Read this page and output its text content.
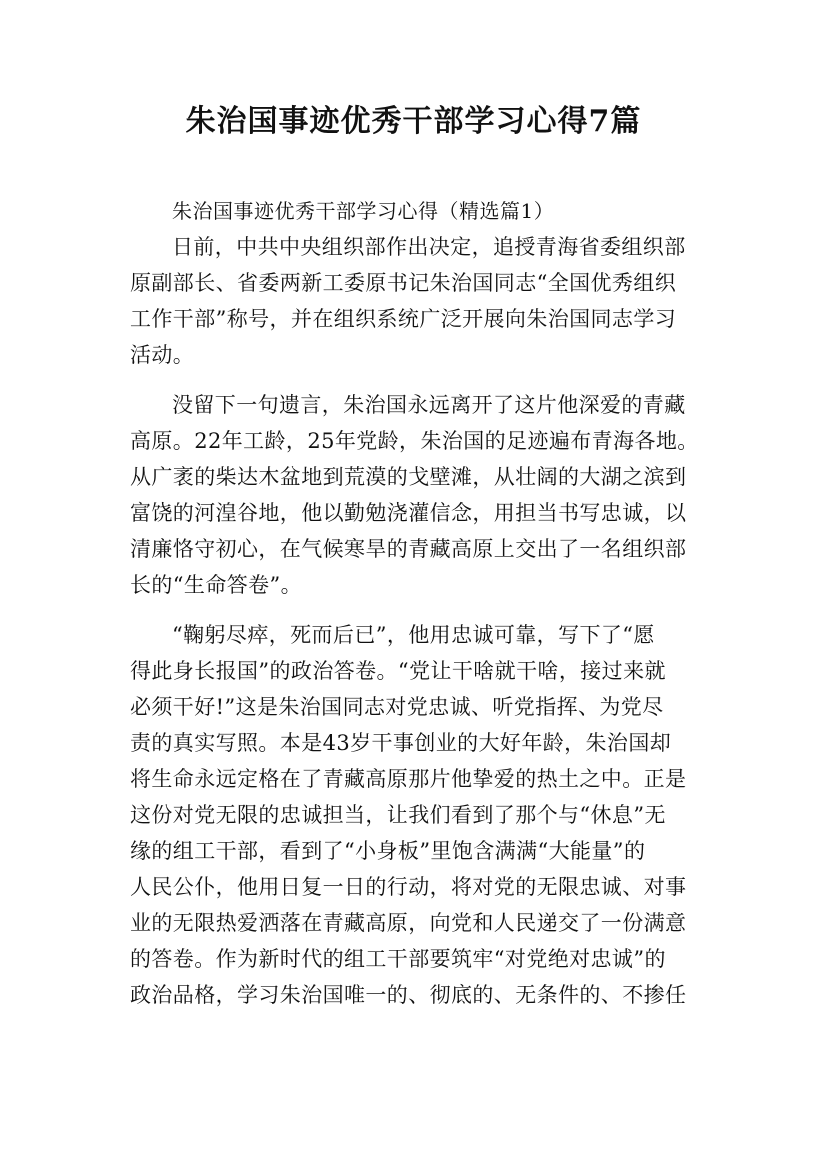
朱治国事迹优秀干部学习心得7篇
朱治国事迹优秀干部学习心得（精选篇1）
日前，中共中央组织部作出决定，追授青海省委组织部
原副部长、省委两新工委原书记朱治国同志“全国优秀组织
工作干部”称号，并在组织系统广泛开展向朱治国同志学习
活动。
没留下一句遗言，朱治国永远离开了这片他深爱的青藏
高原。22年工龄，25年党龄，朱治国的足迹遍布青海各地。
从广袤的柴达木盆地到荒漠的戈壁滩，从壮阔的大湖之滨到
富饶的河湟谷地，他以勤勉浇灌信念，用担当书写忠诚，以
清廉恪守初心，在气候寒旱的青藏高原上交出了一名组织部
长的“生命答卷”。
“鞠躬尽瘁，死而后已”，他用忠诚可靠，写下了“愿
得此身长报国”的政治答卷。“党让干啥就干啥，接过来就
必须干好!”这是朱治国同志对党忠诚、听党指挥、为党尽
责的真实写照。本是43岁干事创业的大好年龄，朱治国却
将生命永远定格在了青藏高原那片他挚爱的热土之中。正是
这份对党无限的忠诚担当，让我们看到了那个与“休息”无
缘的组工干部，看到了“小身板”里饱含满满“大能量”的
人民公仆，他用日复一日的行动，将对党的无限忠诚、对事
业的无限热爱洒落在青藏高原，向党和人民递交了一份满意
的答卷。作为新时代的组工干部要筑牢“对党绝对忠诚”的
政治品格，学习朱治国唯一的、彻底的、无条件的、不掺任
